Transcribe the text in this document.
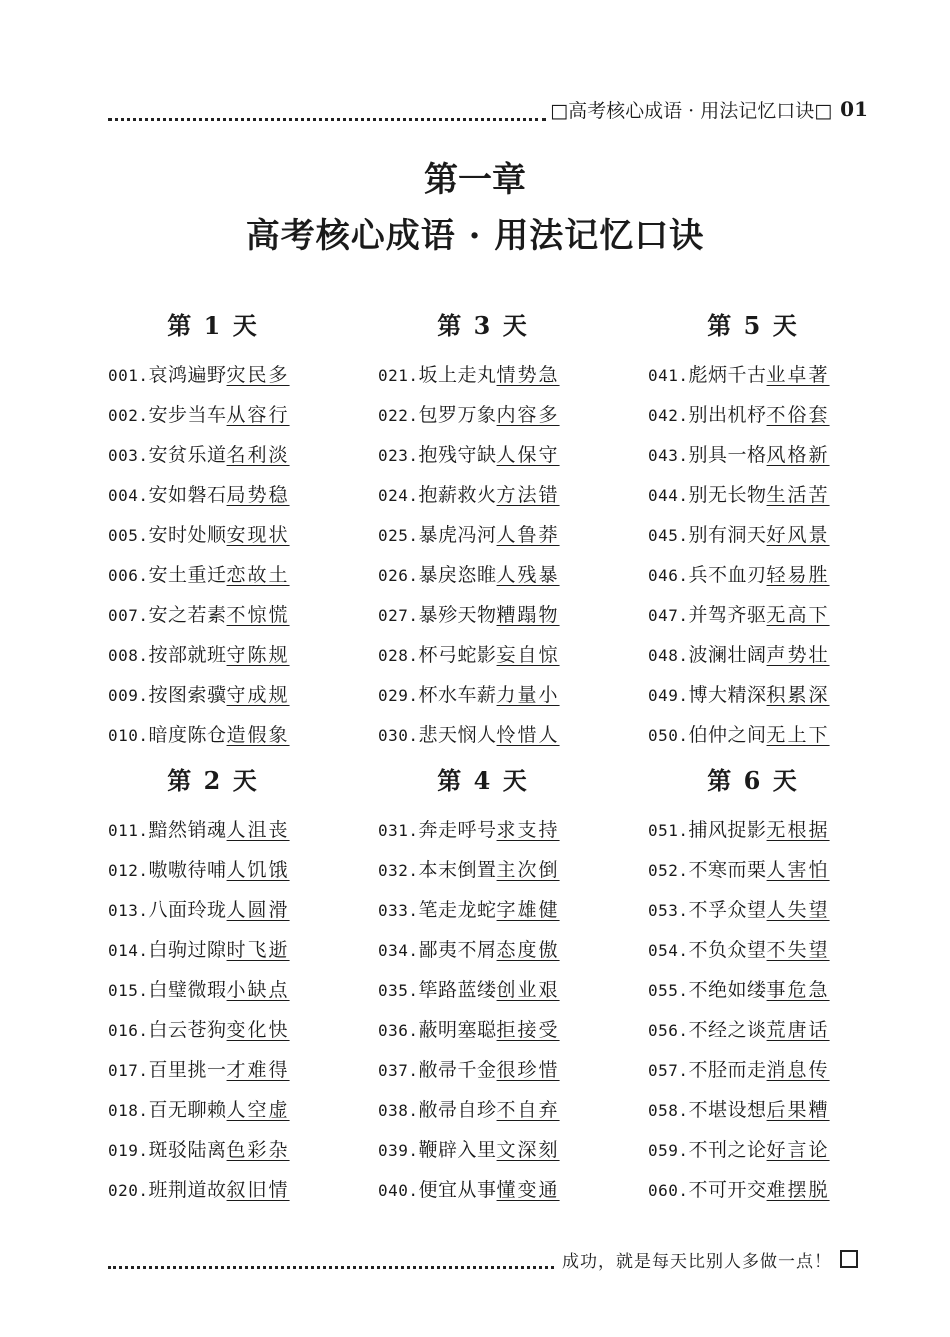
□高考核心成语 · 用法记忆口诀□ 01
第一章
高考核心成语 · 用法记忆口诀
第 1 天
001.哀鸿遍野灾民多
002.安步当车从容行
003.安贫乐道名利淡
004.安如磐石局势稳
005.安时处顺安现状
006.安土重迁恋故土
007.安之若素不惊慌
008.按部就班守陈规
009.按图索骥守成规
010.暗度陈仓造假象
第 2 天
011.黯然销魂人沮丧
012.嗷嗷待哺人饥饿
013.八面玲珑人圆滑
014.白驹过隙时飞逝
015.白璧微瑕小缺点
016.白云苍狗变化快
017.百里挑一才难得
018.百无聊赖人空虚
019.斑驳陆离色彩杂
020.班荆道故叙旧情
第 3 天
021.坂上走丸情势急
022.包罗万象内容多
023.抱残守缺人保守
024.抱薪救火方法错
025.暴虎冯河人鲁莽
026.暴戾恣睢人残暴
027.暴殄天物糟蹋物
028.杯弓蛇影妄自惊
029.杯水车薪力量小
030.悲天悯人怜惜人
第 4 天
031.奔走呼号求支持
032.本末倒置主次倒
033.笔走龙蛇字雄健
034.鄙夷不屑态度傲
035.筚路蓝缕创业艰
036.蔽明塞聪拒接受
037.敝帚千金很珍惜
038.敝帚自珍不自弃
039.鞭辟入里文深刻
040.便宜从事懂变通
第 5 天
041.彪炳千古业卓著
042.别出机杼不俗套
043.别具一格风格新
044.别无长物生活苦
045.别有洞天好风景
046.兵不血刃轻易胜
047.并驾齐驱无高下
048.波澜壮阔声势壮
049.博大精深积累深
050.伯仲之间无上下
第 6 天
051.捕风捉影无根据
052.不寒而栗人害怕
053.不孚众望人失望
054.不负众望不失望
055.不绝如缕事危急
056.不经之谈荒唐话
057.不胫而走消息传
058.不堪设想后果糟
059.不刊之论好言论
060.不可开交难摆脱
成功，就是每天比别人多做一点！
